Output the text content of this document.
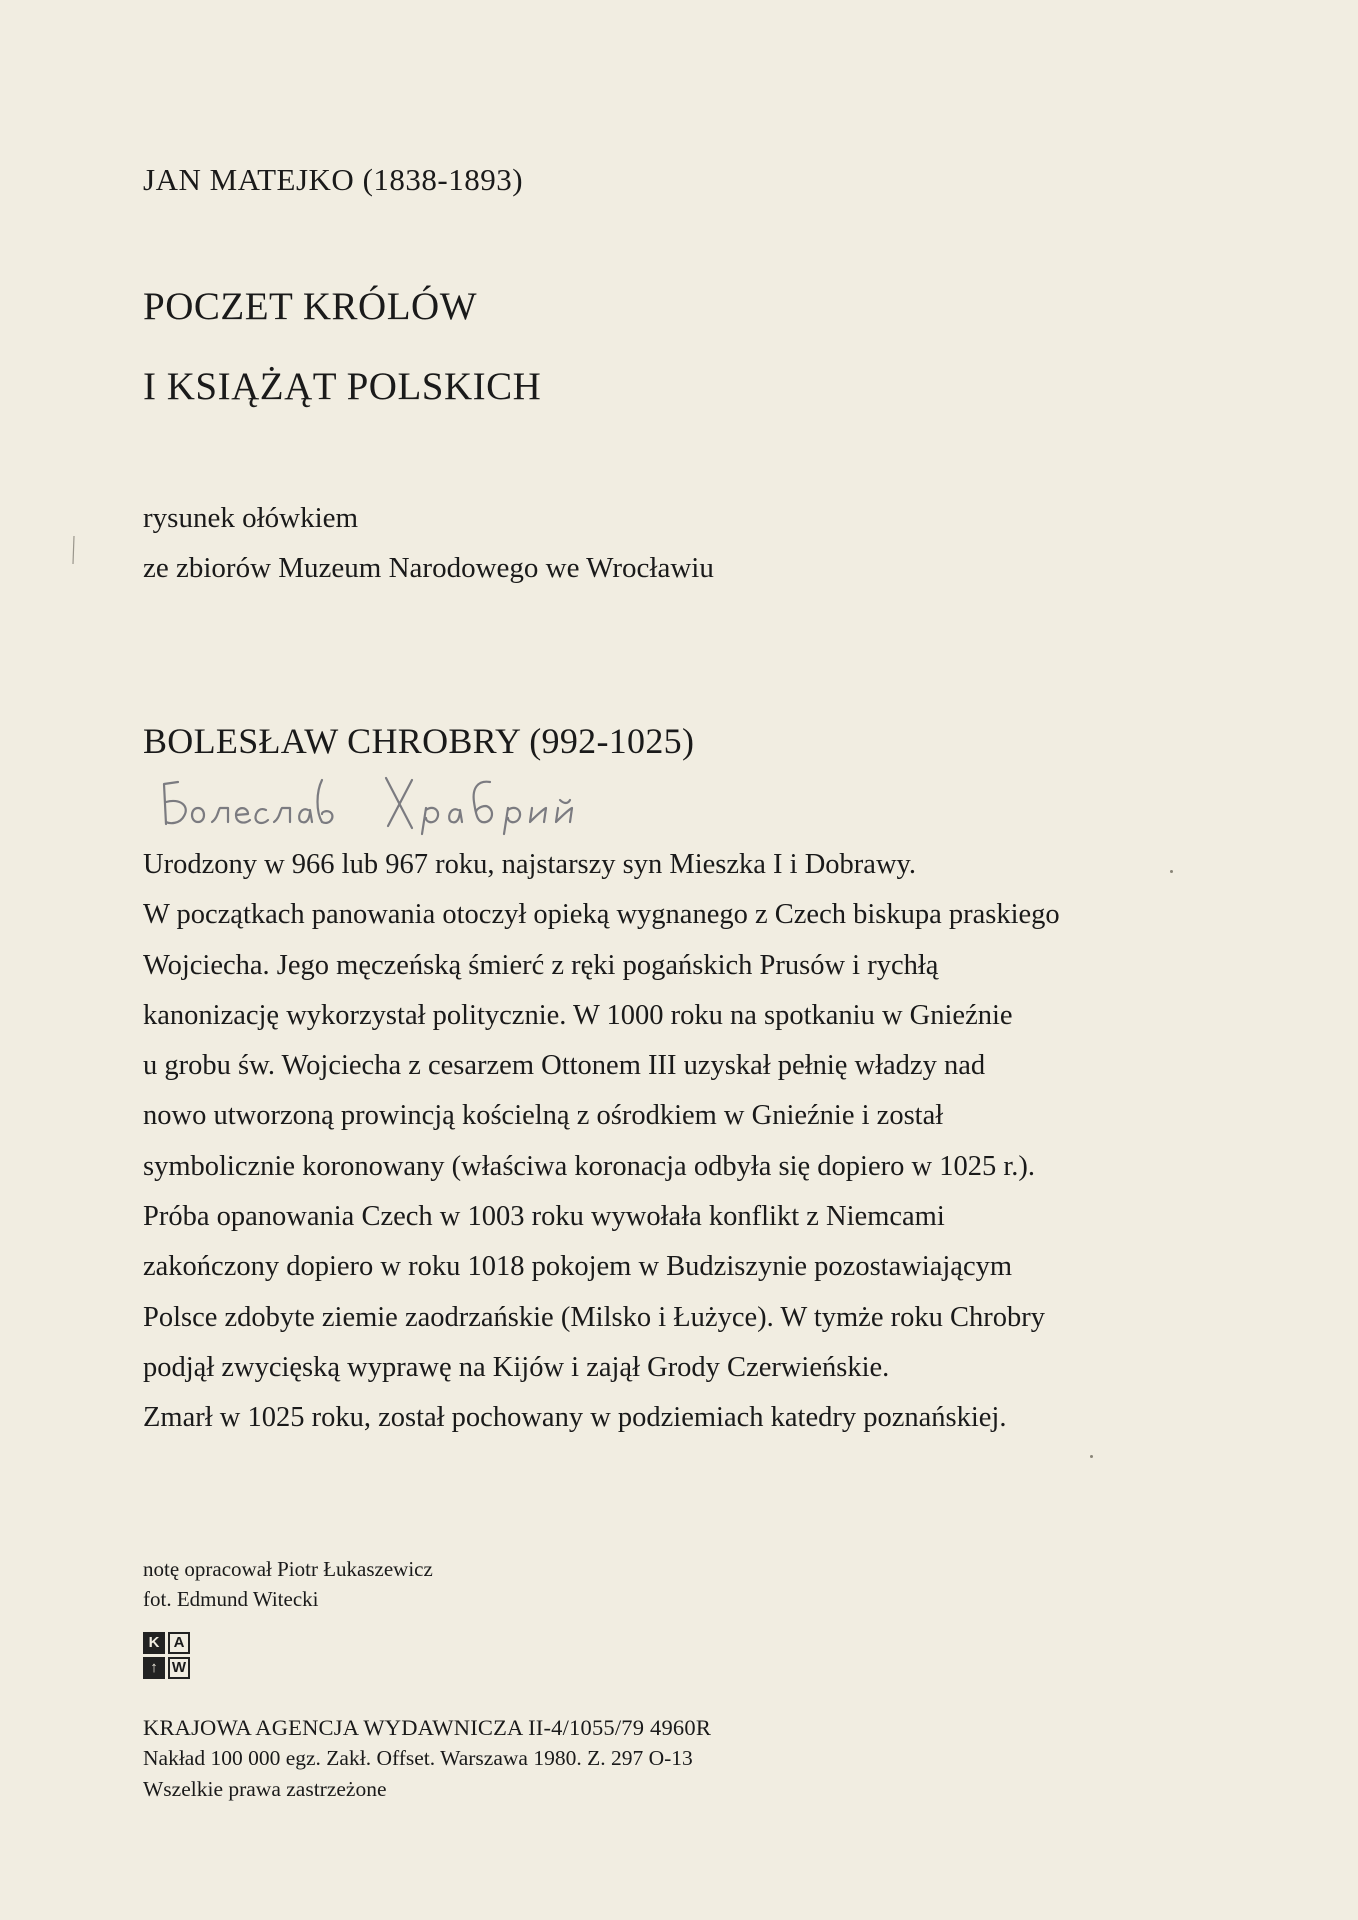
JAN MATEJKO (1838-1893)
POCZET KRÓLÓW
I KSIĄŻĄT POLSKICH
rysunek ołówkiem
ze zbiorów Muzeum Narodowego we Wrocławiu
BOLESŁAW CHROBRY (992-1025)
Urodzony w 966 lub 967 roku, najstarszy syn Mieszka I i Dobrawy.
W początkach panowania otoczył opieką wygnanego z Czech biskupa praskiego
Wojciecha. Jego męczeńską śmierć z ręki pogańskich Prusów i rychłą
kanonizację wykorzystał politycznie. W 1000 roku na spotkaniu w Gnieźnie
u grobu św. Wojciecha z cesarzem Ottonem III uzyskał pełnię władzy nad
nowo utworzoną prowincją kościelną z ośrodkiem w Gnieźnie i został
symbolicznie koronowany (właściwa koronacja odbyła się dopiero w 1025 r.).
Próba opanowania Czech w 1003 roku wywołała konflikt z Niemcami
zakończony dopiero w roku 1018 pokojem w Budziszynie pozostawiającym
Polsce zdobyte ziemie zaodrzańskie (Milsko i Łużyce). W tymże roku Chrobry
podjął zwycięską wyprawę na Kijów i zajął Grody Czerwieńskie.
Zmarł w 1025 roku, został pochowany w podziemiach katedry poznańskiej.
notę opracował Piotr Łukaszewicz
fot. Edmund Witecki
K A
↑ W
KRAJOWA AGENCJA WYDAWNICZA II-4/1055/79 4960R
Nakład 100 000 egz. Zakł. Offset. Warszawa 1980. Z. 297 O-13
Wszelkie prawa zastrzeżone
